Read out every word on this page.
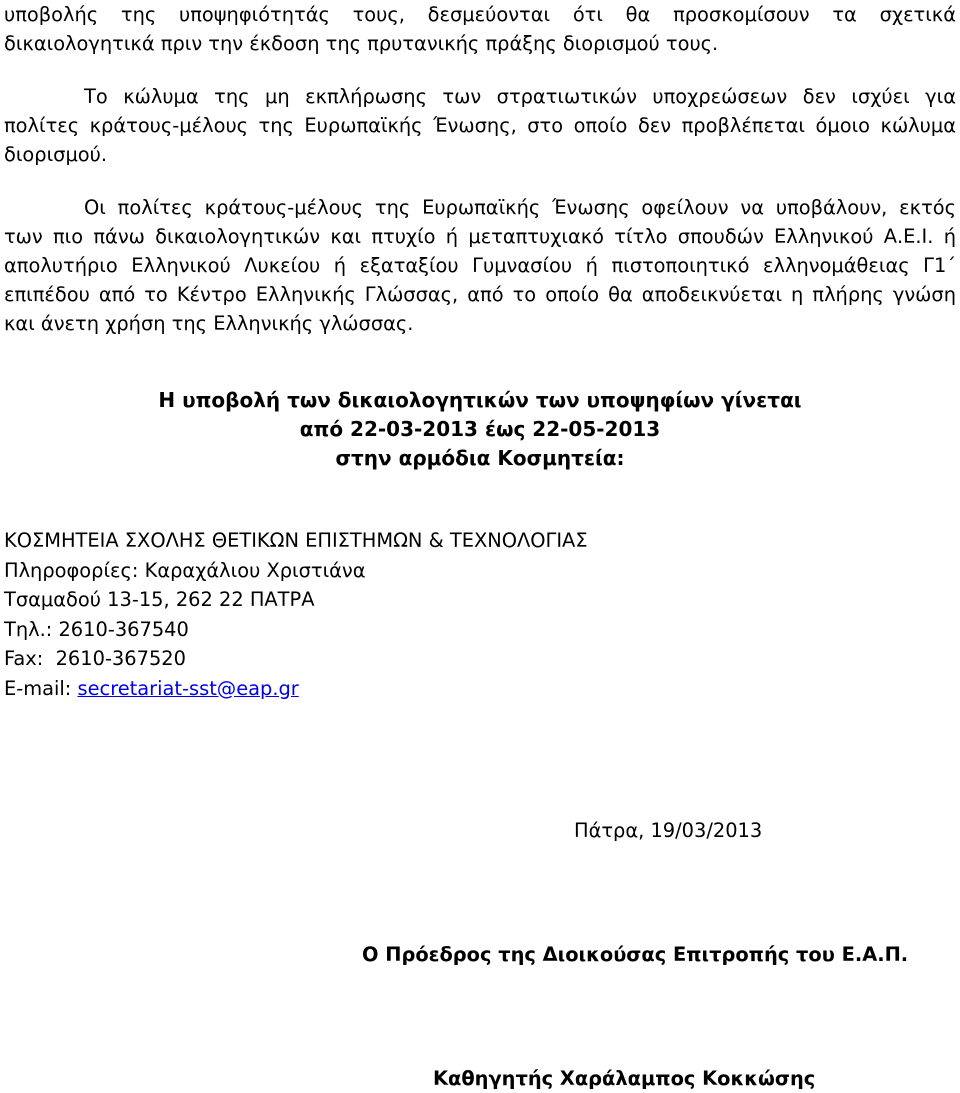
υποβολής της υποψηφιότητάς τους, δεσμεύονται ότι θα προσκομίσουν τα σχετικά
δικαιολογητικά πριν την έκδοση της πρυτανικής πράξης διορισμού τους.
Το κώλυμα της μη εκπλήρωσης των στρατιωτικών υποχρεώσεων δεν ισχύει για
πολίτες κράτους-μέλους της Ευρωπαϊκής Ένωσης, στο οποίο δεν προβλέπεται όμοιο κώλυμα
διορισμού.
Οι πολίτες κράτους-μέλους της Ευρωπαϊκής Ένωσης οφείλουν να υποβάλουν, εκτός
των πιο πάνω δικαιολογητικών και πτυχίο ή μεταπτυχιακό τίτλο σπουδών Ελληνικού Α.Ε.Ι. ή
απολυτήριο Ελληνικού Λυκείου ή εξαταξίου Γυμνασίου ή πιστοποιητικό ελληνομάθειας Γ1΄
επιπέδου από το Κέντρο Ελληνικής Γλώσσας, από το οποίο θα αποδεικνύεται η πλήρης γνώση
και άνετη χρήση της Ελληνικής γλώσσας.
Η υποβολή των δικαιολογητικών των υποψηφίων γίνεται
από 22-03-2013 έως 22-05-2013
στην αρμόδια Κοσμητεία:
ΚΟΣΜΗΤΕΙΑ ΣΧΟΛΗΣ ΘΕΤΙΚΩΝ ΕΠΙΣΤΗΜΩΝ & ΤΕΧΝΟΛΟΓΙΑΣ
Πληροφορίες: Καραχάλιου Χριστιάνα
Τσαμαδού 13-15, 262 22 ΠΑΤΡΑ
Τηλ.: 2610-367540
Fax:  2610-367520
E-mail: secretariat-sst@eap.gr
Πάτρα, 19/03/2013
Ο Πρόεδρος της Διοικούσας Επιτροπής του Ε.Α.Π.
Καθηγητής Χαράλαμπος Κοκκώσης
